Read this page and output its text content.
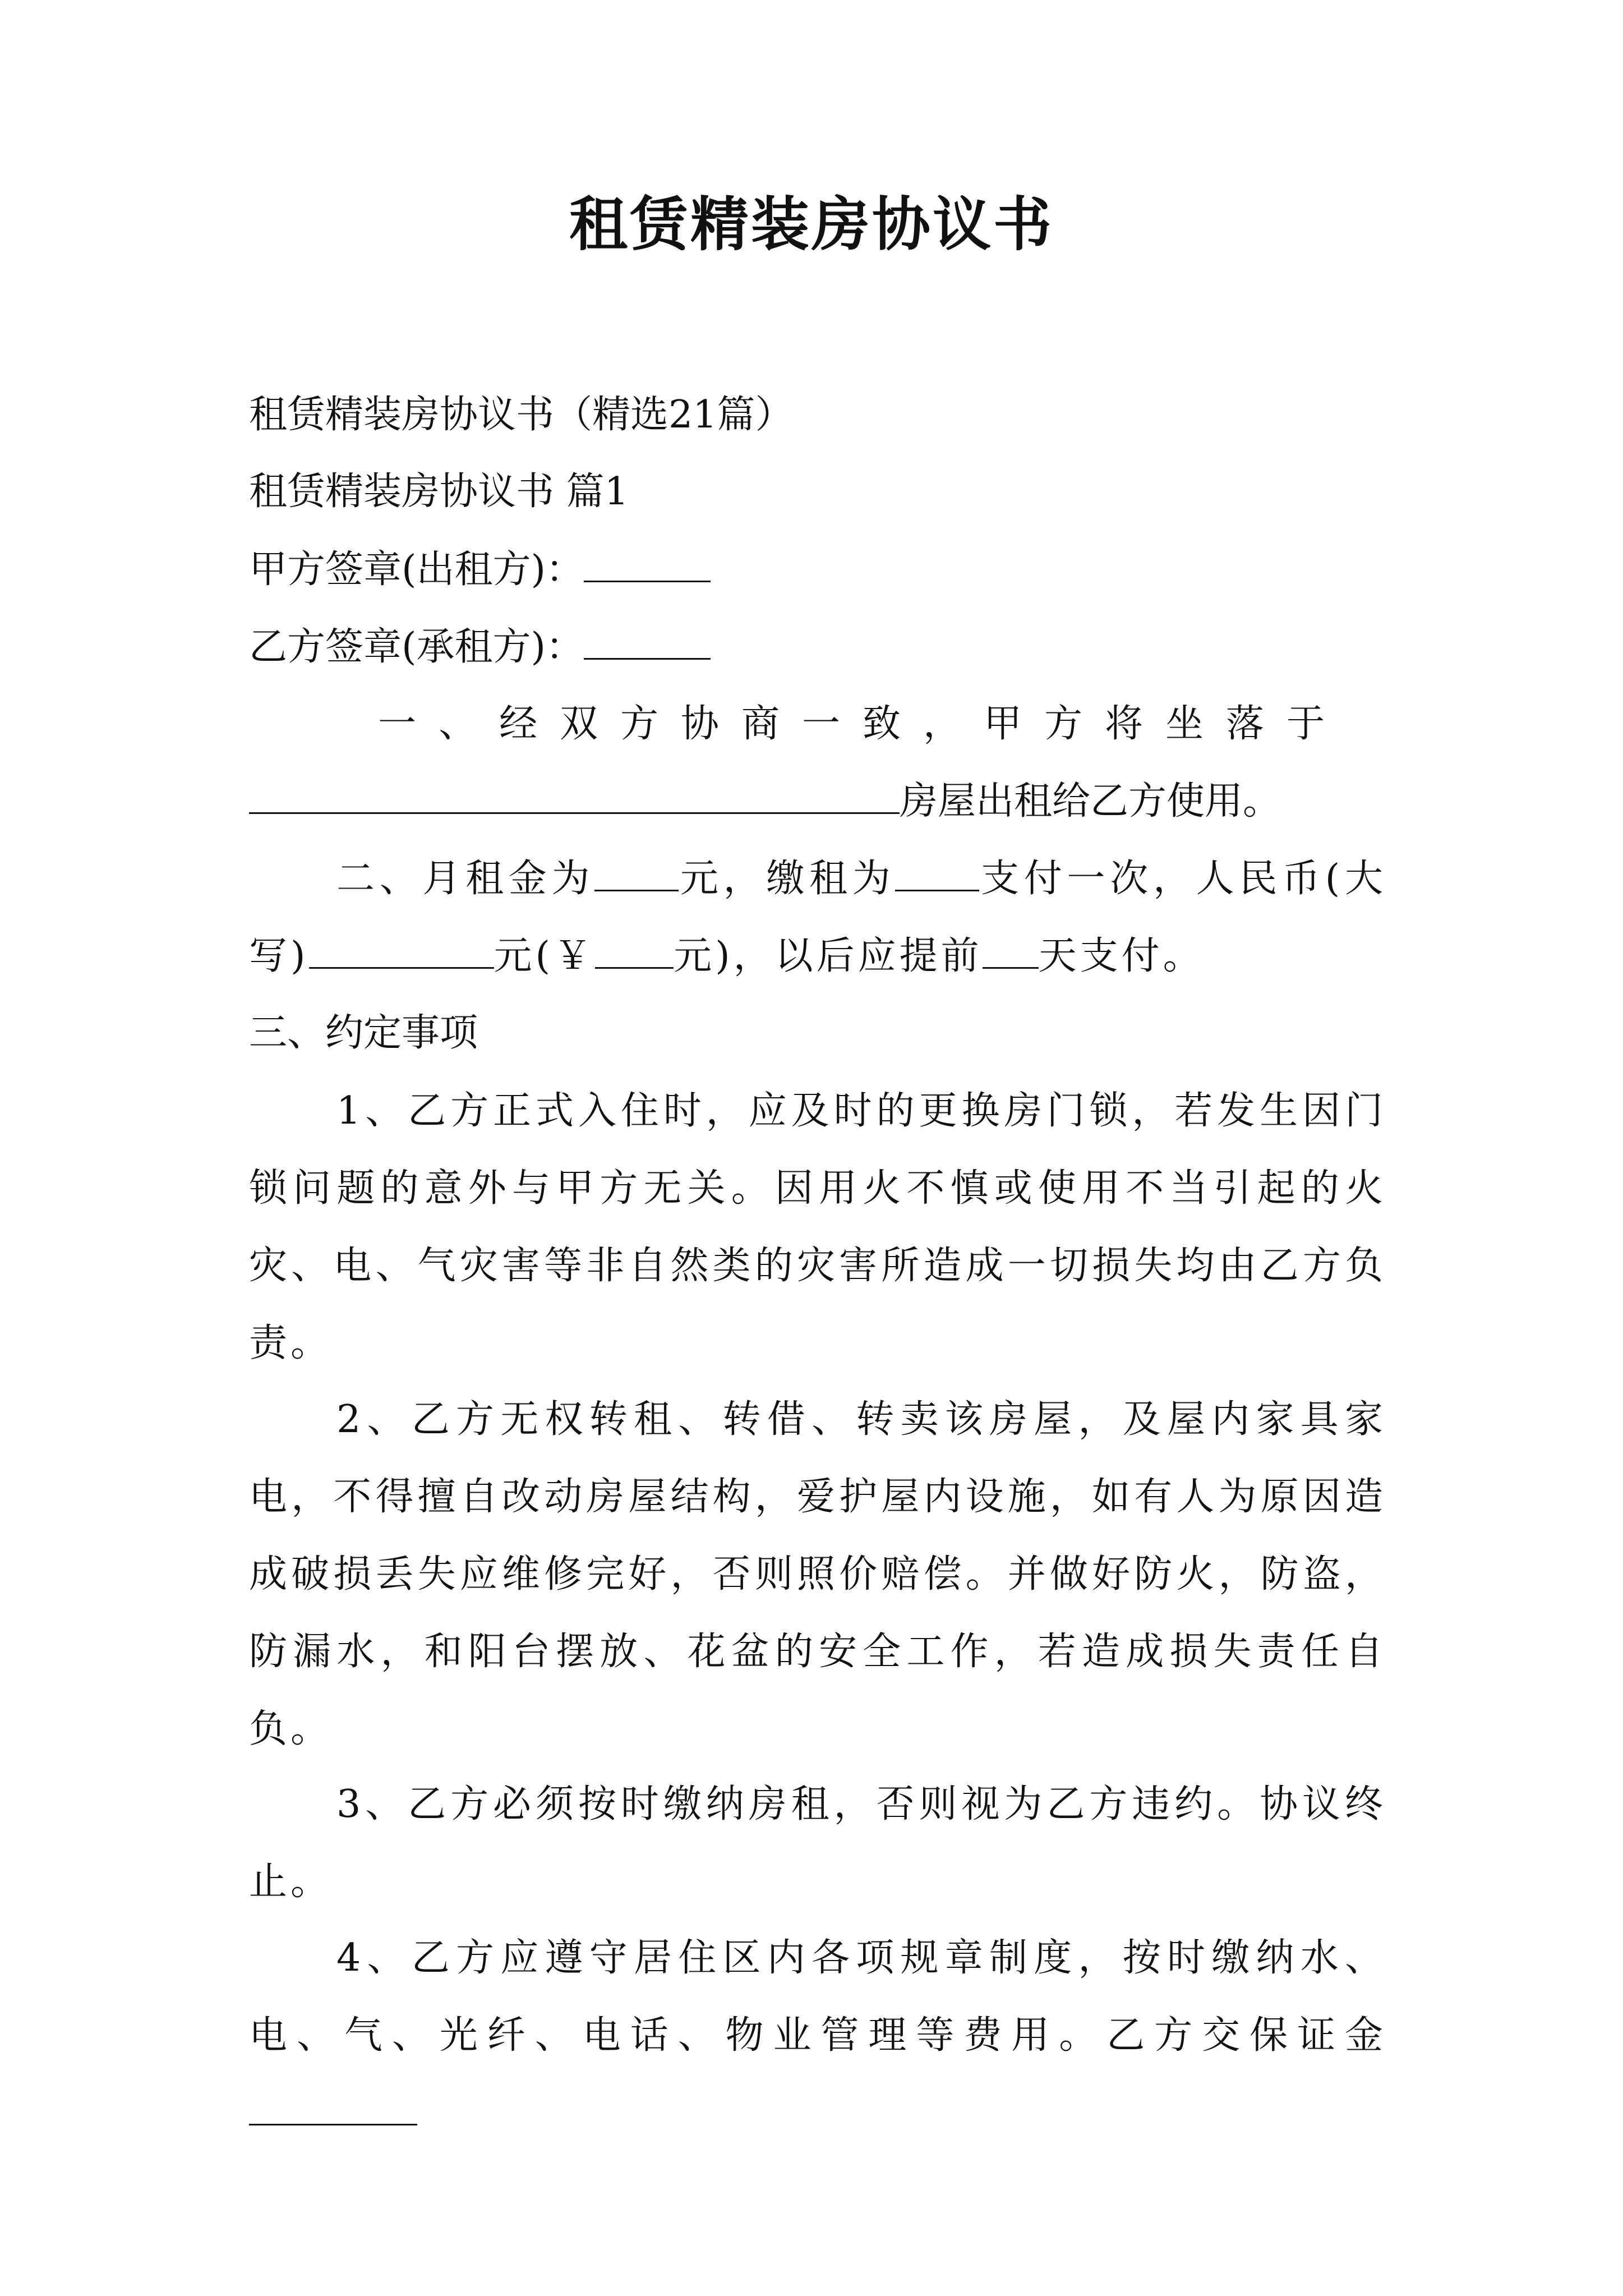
租赁精装房协议书
租赁精装房协议书（精选21篇）
租赁精装房协议书 篇1
甲方签章(出租方)：
乙方签章(承租方)：
一、经双方协商一致，甲方将坐落于
房屋出租给乙方使用。
二、月租金为 元，缴租为 支付一次，人民币(大写)	元(￥ 元)，以后应提前 天支付。
三、约定事项
1、乙方正式入住时，应及时的更换房门锁，若发生因门锁问题的意外与甲方无关。因用火不慎或使用不当引起的火灾、电、气灾害等非自然类的灾害所造成一切损失均由乙方负责。
2、乙方无权转租、转借、转卖该房屋，及屋内家具家电，不得擅自改动房屋结构，爱护屋内设施，如有人为原因造成破损丢失应维修完好，否则照价赔偿。并做好防火，防盗，防漏水，和阳台摆放、花盆的安全工作，若造成损失责任自负。
3、乙方必须按时缴纳房租，否则视为乙方违约。协议终止。
4、乙方应遵守居住区内各项规章制度，按时缴纳水、电、气、光纤、电话、物业管理等费用。乙方交保证金
